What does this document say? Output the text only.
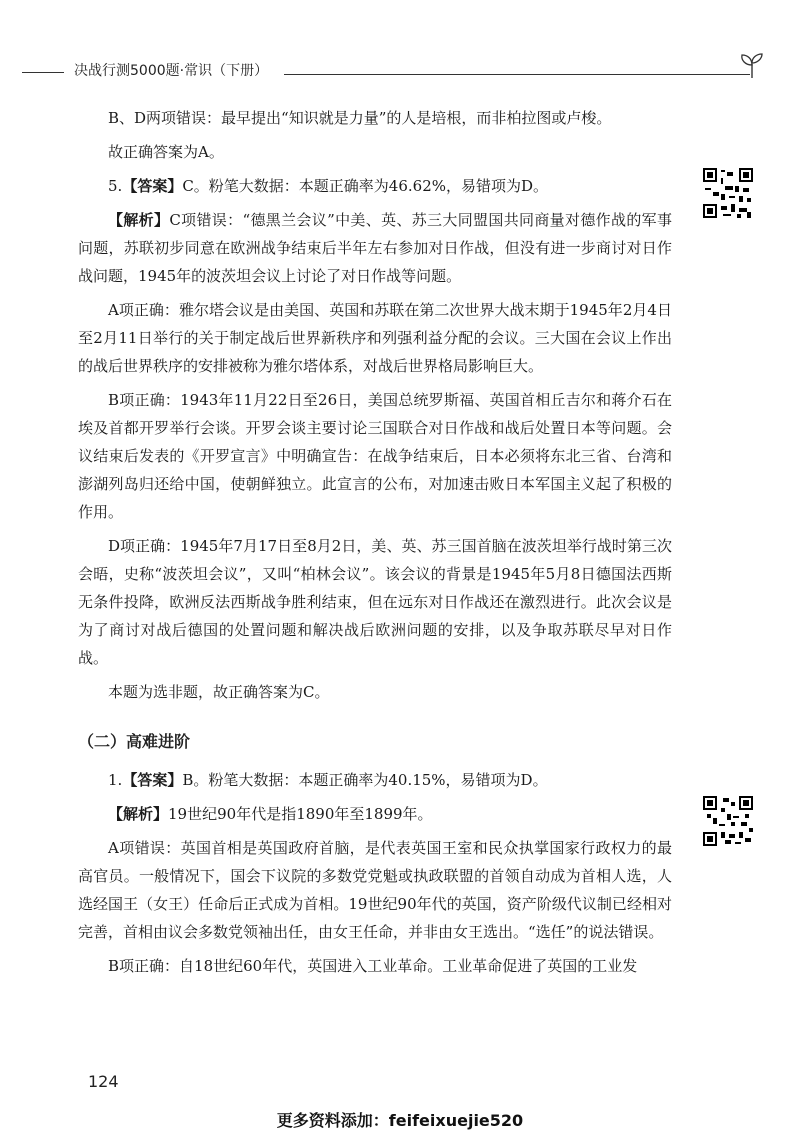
决战行测5000题·常识（下册）

B、D两项错误：最早提出“知识就是力量”的人是培根，而非柏拉图或卢梭。

故正确答案为A。

5.【答案】C。粉笔大数据：本题正确率为46.62%，易错项为D。

【解析】C项错误：“德黑兰会议”中美、英、苏三大同盟国共同商量对德作战的军事问题，苏联初步同意在欧洲战争结束后半年左右参加对日作战，但没有进一步商讨对日作战问题，1945年的波茨坦会议上讨论了对日作战等问题。

A项正确：雅尔塔会议是由美国、英国和苏联在第二次世界大战末期于1945年2月4日至2月11日举行的关于制定战后世界新秩序和列强利益分配的会议。三大国在会议上作出的战后世界秩序的安排被称为雅尔塔体系，对战后世界格局影响巨大。

B项正确：1943年11月22日至26日，美国总统罗斯福、英国首相丘吉尔和蒋介石在埃及首都开罗举行会谈。开罗会谈主要讨论三国联合对日作战和战后处置日本等问题。会议结束后发表的《开罗宣言》中明确宣告：在战争结束后，日本必须将东北三省、台湾和澎湖列岛归还给中国，使朝鲜独立。此宣言的公布，对加速击败日本军国主义起了积极的作用。

D项正确：1945年7月17日至8月2日，美、英、苏三国首脑在波茨坦举行战时第三次会晤，史称“波茨坦会议”，又叫“柏林会议”。该会议的背景是1945年5月8日德国法西斯无条件投降，欧洲反法西斯战争胜利结束，但在远东对日作战还在激烈进行。此次会议是为了商讨对战后德国的处置问题和解决战后欧洲问题的安排，以及争取苏联尽早对日作战。

本题为选非题，故正确答案为C。

（二）高难进阶

1.【答案】B。粉笔大数据：本题正确率为40.15%，易错项为D。

【解析】19世纪90年代是指1890年至1899年。

A项错误：英国首相是英国政府首脑，是代表英国王室和民众执掌国家行政权力的最高官员。一般情况下，国会下议院的多数党党魁或执政联盟的首领自动成为首相人选，人选经国王（女王）任命后正式成为首相。19世纪90年代的英国，资产阶级代议制已经相对完善，首相由议会多数党领袖出任，由女王任命，并非由女王选出。“选任”的说法错误。

B项正确：自18世纪60年代，英国进入工业革命。工业革命促进了英国的工业发

124
更多资料添加：feifeixuejie520
